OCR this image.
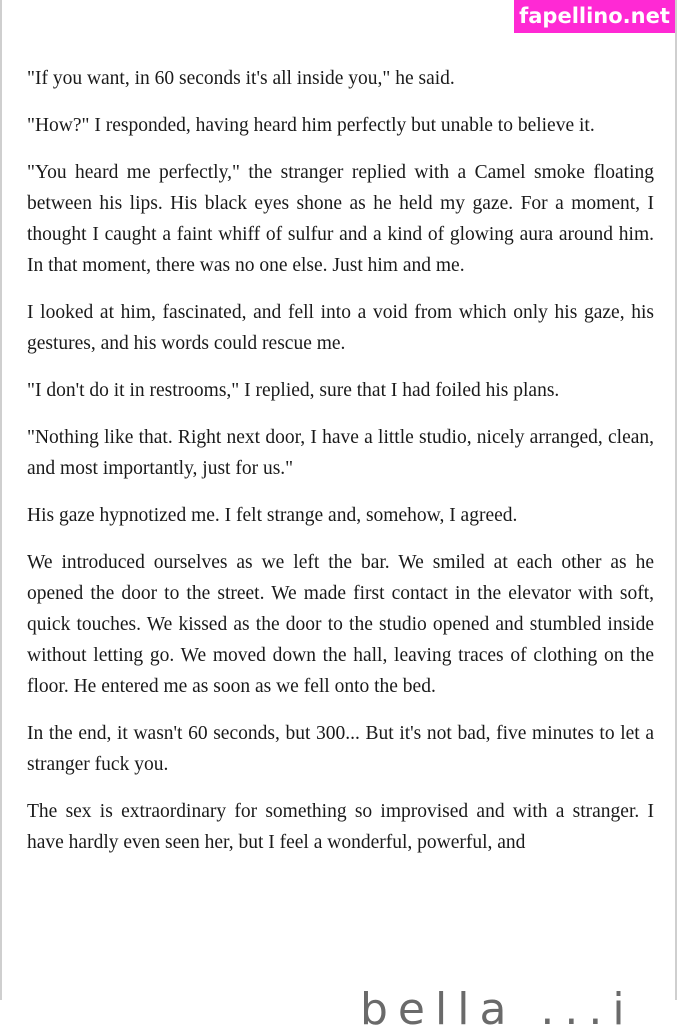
fapellino.net

"If you want, in 60 seconds it's all inside you," he said.

"How?" I responded, having heard him perfectly but unable to believe it.

"You heard me perfectly," the stranger replied with a Camel smoke floating between his lips. His black eyes shone as he held my gaze. For a moment, I thought I caught a faint whiff of sulfur and a kind of glowing aura around him. In that moment, there was no one else. Just him and me.

I looked at him, fascinated, and fell into a void from which only his gaze, his gestures, and his words could rescue me.

"I don't do it in restrooms," I replied, sure that I had foiled his plans.

"Nothing like that. Right next door, I have a little studio, nicely arranged, clean, and most importantly, just for us."

His gaze hypnotized me. I felt strange and, somehow, I agreed.

We introduced ourselves as we left the bar. We smiled at each other as he opened the door to the street. We made first contact in the elevator with soft, quick touches. We kissed as the door to the studio opened and stumbled inside without letting go. We moved down the hall, leaving traces of clothing on the floor. He entered me as soon as we fell onto the bed.

In the end, it wasn't 60 seconds, but 300... But it's not bad, five minutes to let a stranger fuck you.

The sex is extraordinary for something so improvised and with a stranger. I have hardly even seen her, but I feel a wonderful, powerful, and

bella ...i
